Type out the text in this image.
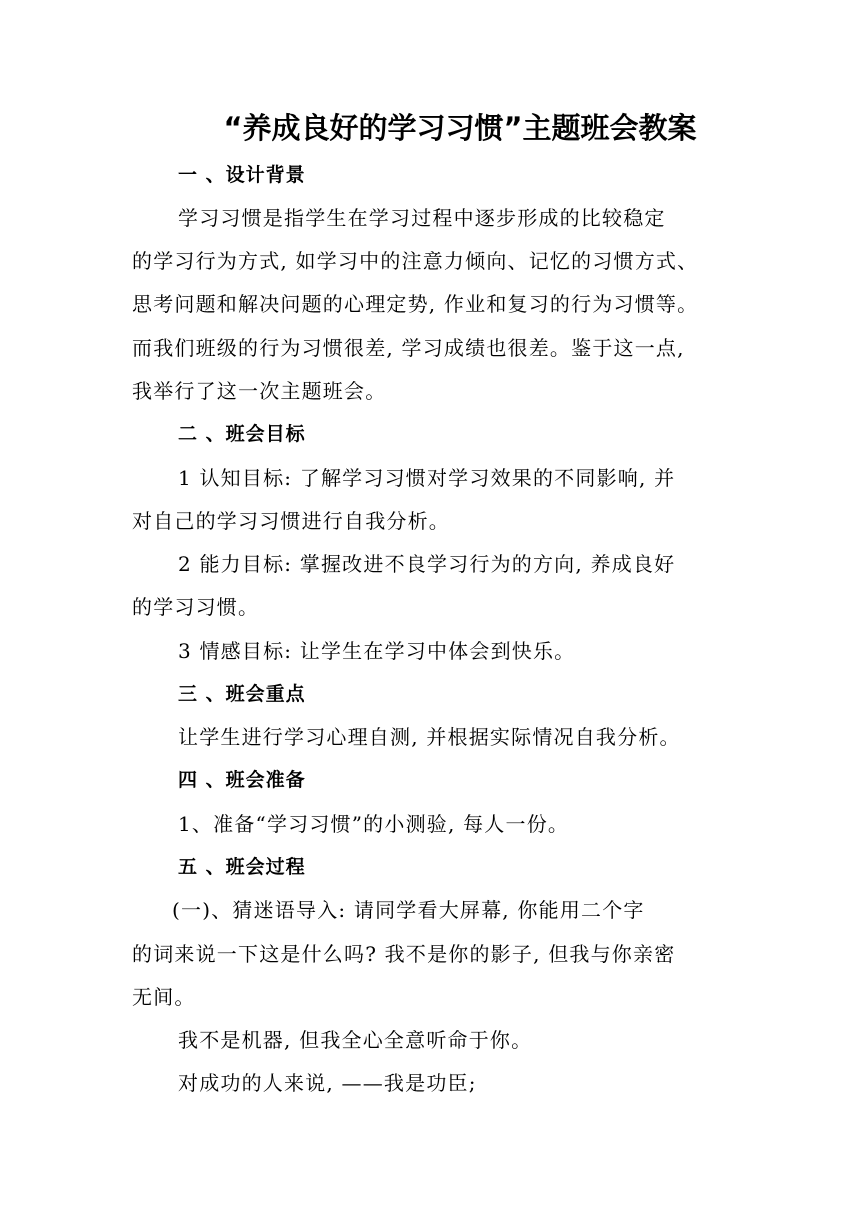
“养成良好的学习习惯”主题班会教案
一 、设计背景
学习习惯是指学生在学习过程中逐步形成的比较稳定
的学习行为方式, 如学习中的注意力倾向、记忆的习惯方式、
思考问题和解决问题的心理定势, 作业和复习的行为习惯等。
而我们班级的行为习惯很差, 学习成绩也很差。鉴于这一点,
我举行了这一次主题班会。
二 、班会目标
1 认知目标: 了解学习习惯对学习效果的不同影响, 并
对自己的学习习惯进行自我分析。
2 能力目标: 掌握改进不良学习行为的方向, 养成良好
的学习习惯。
3 情感目标: 让学生在学习中体会到快乐。
三 、班会重点
让学生进行学习心理自测, 并根据实际情况自我分析。
四 、班会准备
1、准备“学习习惯”的小测验, 每人一份。
五 、班会过程
(一)、猜迷语导入: 请同学看大屏幕, 你能用二个字
的词来说一下这是什么吗? 我不是你的影子, 但我与你亲密
无间。
我不是机器, 但我全心全意听命于你。
对成功的人来说, ——我是功臣;
